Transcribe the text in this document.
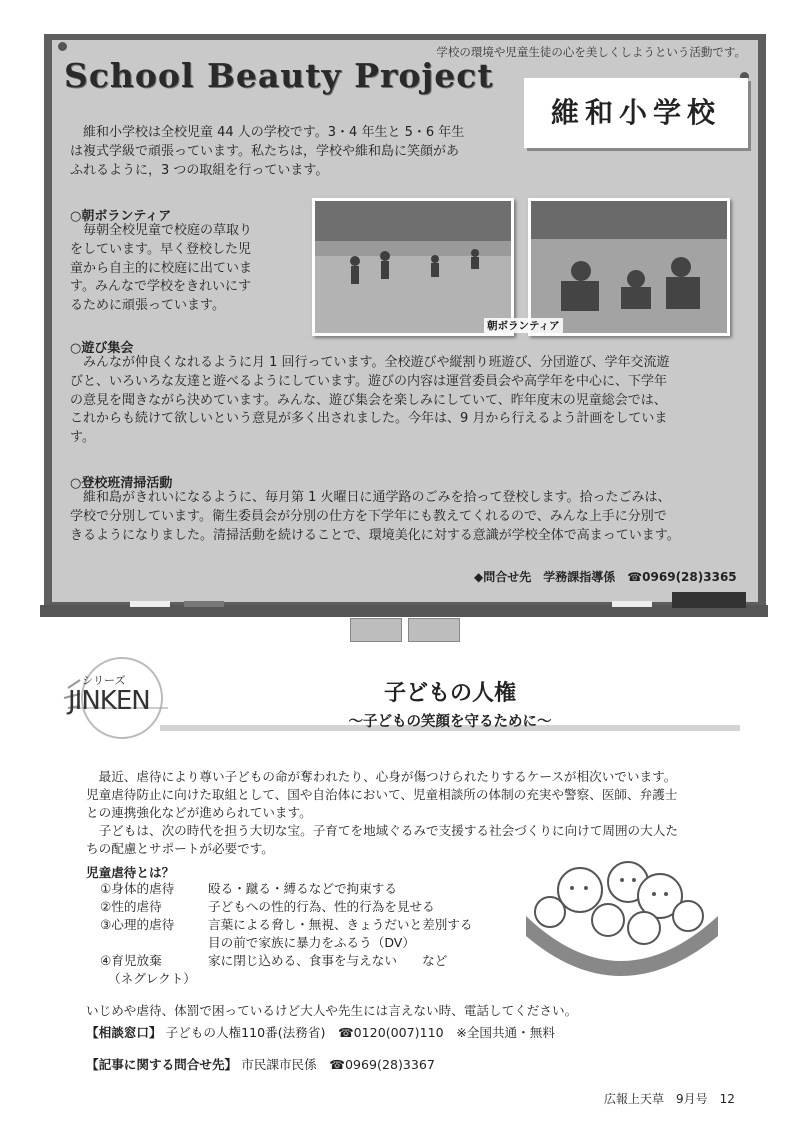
学校の環境や児童生徒の心を美しくしようという活動です。
School Beauty Project
維和小学校
　維和小学校は全校児童 44 人の学校です。3・4 年生と 5・6 年生
は複式学級で頑張っています。私たちは，学校や維和島に笑顔があ
ふれるように，3 つの取組を行っています。
○朝ボランティア
　毎朝全校児童で校庭の草取り
をしています。早く登校した児
童から自主的に校庭に出ていま
す。みんなで学校をきれいにす
るために頑張っています。
朝ボランティア
○遊び集会
　みんなが仲良くなれるように月 1 回行っています。全校遊びや縦割り班遊び、分団遊び、学年交流遊
びと、いろいろな友達と遊べるようにしています。遊びの内容は運営委員会や高学年を中心に、下学年
の意見を聞きながら決めています。みんな、遊び集会を楽しみにしていて、昨年度末の児童総会では、
これからも続けて欲しいという意見が多く出されました。今年は、9 月から行えるよう計画をしていま
す。
○登校班清掃活動
　維和島がきれいになるように、毎月第 1 火曜日に通学路のごみを拾って登校します。拾ったごみは、
学校で分別しています。衛生委員会が分別の仕方を下学年にも教えてくれるので、みんな上手に分別で
きるようになりました。清掃活動を続けることで、環境美化に対する意識が学校全体で高まっています。
◆問合せ先　学務課指導係　☎0969(28)3365
シリーズ
JINKEN	子どもの人権
～子どもの笑顔を守るために～
　最近、虐待により尊い子どもの命が奪われたり、心身が傷つけられたりするケースが相次いでいます。
児童虐待防止に向けた取組として、国や自治体において、児童相談所の体制の充実や警察、医師、弁護士
との連携強化などが進められています。
　子どもは、次の時代を担う大切な宝。子育てを地域ぐるみで支援する社会づくりに向けて周囲の大人た
ちの配慮とサポートが必要です。
児童虐待とは？
①身体的虐待	殴る・蹴る・縛るなどで拘束する
②性的虐待	子どもへの性的行為、性的行為を見せる
③心理的虐待	言葉による脅し・無視、きょうだいと差別する
目の前で家族に暴力をふるう（DV）
④育児放棄	家に閉じ込める、食事を与えない　　など
（ネグレクト）
いじめや虐待、体罰で困っているけど大人や先生には言えない時、電話してください。
【相談窓口】 子どもの人権110番(法務省)　☎0120(007)110　※全国共通・無料
【記事に関する問合せ先】 市民課市民係　☎0969(28)3367
広報上天草　9月号　12
